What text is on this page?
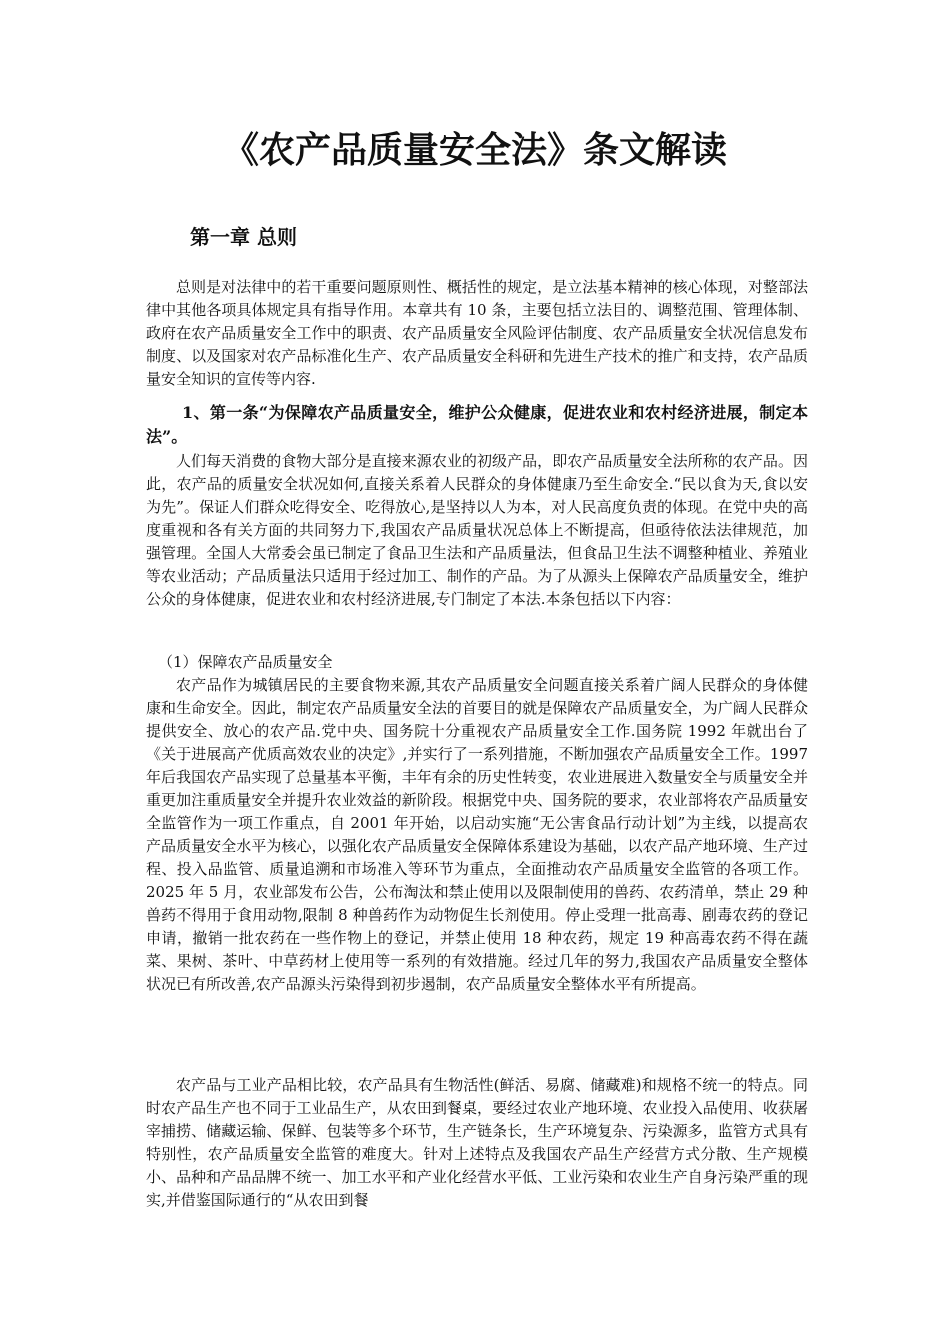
《农产品质量安全法》条文解读
第一章 总则

总则是对法律中的若干重要问题原则性、概括性的规定，是立法基本精神的核心体现，对整部法律中其他各项具体规定具有指导作用。本章共有 10 条，主要包括立法目的、调整范围、管理体制、政府在农产品质量安全工作中的职责、农产品质量安全风险评估制度、农产品质量安全状况信息发布制度、以及国家对农产品标准化生产、农产品质量安全科研和先进生产技术的推广和支持，农产品质量安全知识的宣传等内容.

1、第一条“为保障农产品质量安全，维护公众健康，促进农业和农村经济进展，制定本法”。

人们每天消费的食物大部分是直接来源农业的初级产品，即农产品质量安全法所称的农产品。因此，农产品的质量安全状况如何,直接关系着人民群众的身体健康乃至生命安全.“民以食为天,食以安为先”。保证人们群众吃得安全、吃得放心,是坚持以人为本，对人民高度负责的体现。在党中央的高度重视和各有关方面的共同努力下,我国农产品质量状况总体上不断提高，但亟待依法法律规范，加强管理。全国人大常委会虽已制定了食品卫生法和产品质量法，但食品卫生法不调整种植业、养殖业等农业活动；产品质量法只适用于经过加工、制作的产品。为了从源头上保障农产品质量安全，维护公众的身体健康，促进农业和农村经济进展,专门制定了本法.本条包括以下内容：

（1）保障农产品质量安全

农产品作为城镇居民的主要食物来源,其农产品质量安全问题直接关系着广阔人民群众的身体健康和生命安全。因此，制定农产品质量安全法的首要目的就是保障农产品质量安全，为广阔人民群众提供安全、放心的农产品.党中央、国务院十分重视农产品质量安全工作.国务院 1992 年就出台了《关于进展高产优质高效农业的决定》,并实行了一系列措施，不断加强农产品质量安全工作。1997 年后我国农产品实现了总量基本平衡，丰年有余的历史性转变，农业进展进入数量安全与质量安全并重更加注重质量安全并提升农业效益的新阶段。根据党中央、国务院的要求，农业部将农产品质量安全监管作为一项工作重点，自 2001 年开始，以启动实施“无公害食品行动计划”为主线，以提高农产品质量安全水平为核心，以强化农产品质量安全保障体系建设为基础，以农产品产地环境、生产过程、投入品监管、质量追溯和市场准入等环节为重点，全面推动农产品质量安全监管的各项工作。2025 年 5 月，农业部发布公告，公布淘汰和禁止使用以及限制使用的兽药、农药清单，禁止 29 种兽药不得用于食用动物,限制 8 种兽药作为动物促生长剂使用。停止受理一批高毒、剧毒农药的登记申请，撤销一批农药在一些作物上的登记，并禁止使用 18 种农药，规定 19 种高毒农药不得在蔬菜、果树、茶叶、中草药材上使用等一系列的有效措施。经过几年的努力,我国农产品质量安全整体状况已有所改善,农产品源头污染得到初步遏制，农产品质量安全整体水平有所提高。

农产品与工业产品相比较，农产品具有生物活性(鲜活、易腐、储藏难)和规格不统一的特点。同时农产品生产也不同于工业品生产，从农田到餐桌，要经过农业产地环境、农业投入品使用、收获屠宰捕捞、储藏运输、保鲜、包装等多个环节，生产链条长，生产环境复杂、污染源多，监管方式具有特别性，农产品质量安全监管的难度大。针对上述特点及我国农产品生产经营方式分散、生产规模小、品种和产品品牌不统一、加工水平和产业化经营水平低、工业污染和农业生产自身污染严重的现实,并借鉴国际通行的“从农田到餐
